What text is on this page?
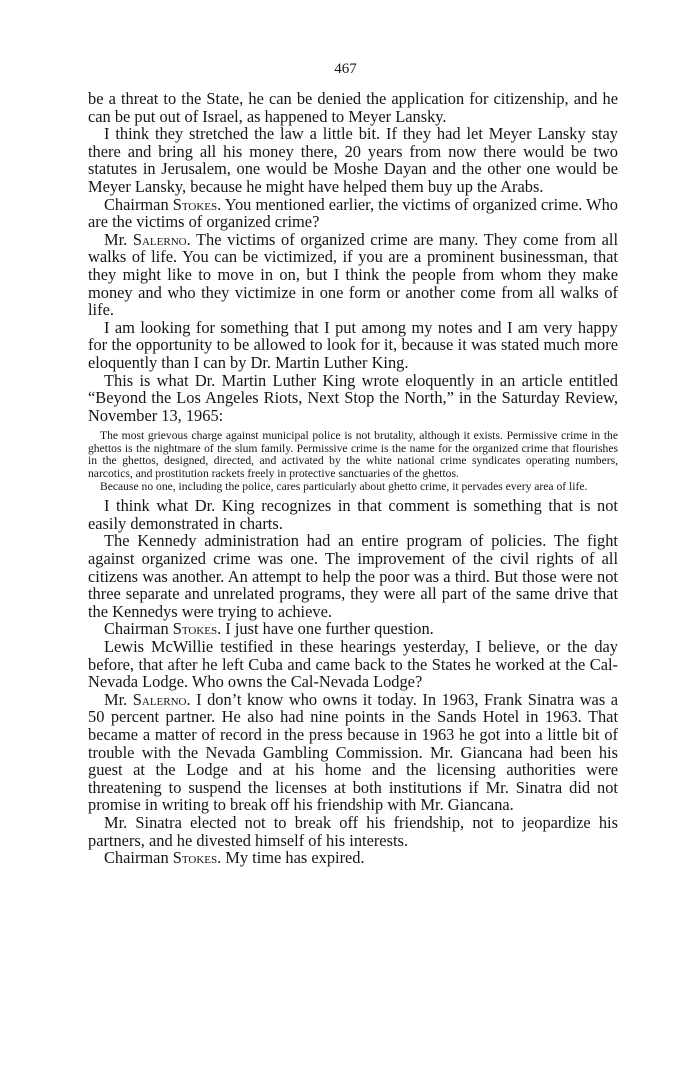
467

be a threat to the State, he can be denied the application for citizenship, and he can be put out of Israel, as happened to Meyer Lansky.

I think they stretched the law a little bit. If they had let Meyer Lansky stay there and bring all his money there, 20 years from now there would be two statutes in Jerusalem, one would be Moshe Dayan and the other one would be Meyer Lansky, because he might have helped them buy up the Arabs.

Chairman Stokes. You mentioned earlier, the victims of organized crime. Who are the victims of organized crime?

Mr. Salerno. The victims of organized crime are many. They come from all walks of life. You can be victimized, if you are a prominent businessman, that they might like to move in on, but I think the people from whom they make money and who they victimize in one form or another come from all walks of life.

I am looking for something that I put among my notes and I am very happy for the opportunity to be allowed to look for it, because it was stated much more eloquently than I can by Dr. Martin Luther King.

This is what Dr. Martin Luther King wrote eloquently in an article entitled “Beyond the Los Angeles Riots, Next Stop the North,” in the Saturday Review, November 13, 1965:

The most grievous charge against municipal police is not brutality, although it exists. Permissive crime in the ghettos is the nightmare of the slum family. Permissive crime is the name for the organized crime that flourishes in the ghettos, designed, directed, and activated by the white national crime syndicates operating numbers, narcotics, and prostitution rackets freely in protective sanctuaries of the ghettos.

Because no one, including the police, cares particularly about ghetto crime, it pervades every area of life.

I think what Dr. King recognizes in that comment is something that is not easily demonstrated in charts.

The Kennedy administration had an entire program of policies. The fight against organized crime was one. The improvement of the civil rights of all citizens was another. An attempt to help the poor was a third. But those were not three separate and unrelated programs, they were all part of the same drive that the Kennedys were trying to achieve.

Chairman Stokes. I just have one further question.

Lewis McWillie testified in these hearings yesterday, I believe, or the day before, that after he left Cuba and came back to the States he worked at the Cal-Nevada Lodge. Who owns the Cal-Nevada Lodge?

Mr. Salerno. I don’t know who owns it today. In 1963, Frank Sinatra was a 50 percent partner. He also had nine points in the Sands Hotel in 1963. That became a matter of record in the press because in 1963 he got into a little bit of trouble with the Nevada Gambling Commission. Mr. Giancana had been his guest at the Lodge and at his home and the licensing authorities were threatening to suspend the licenses at both institutions if Mr. Sinatra did not promise in writing to break off his friendship with Mr. Giancana.

Mr. Sinatra elected not to break off his friendship, not to jeopardize his partners, and he divested himself of his interests.

Chairman Stokes. My time has expired.
